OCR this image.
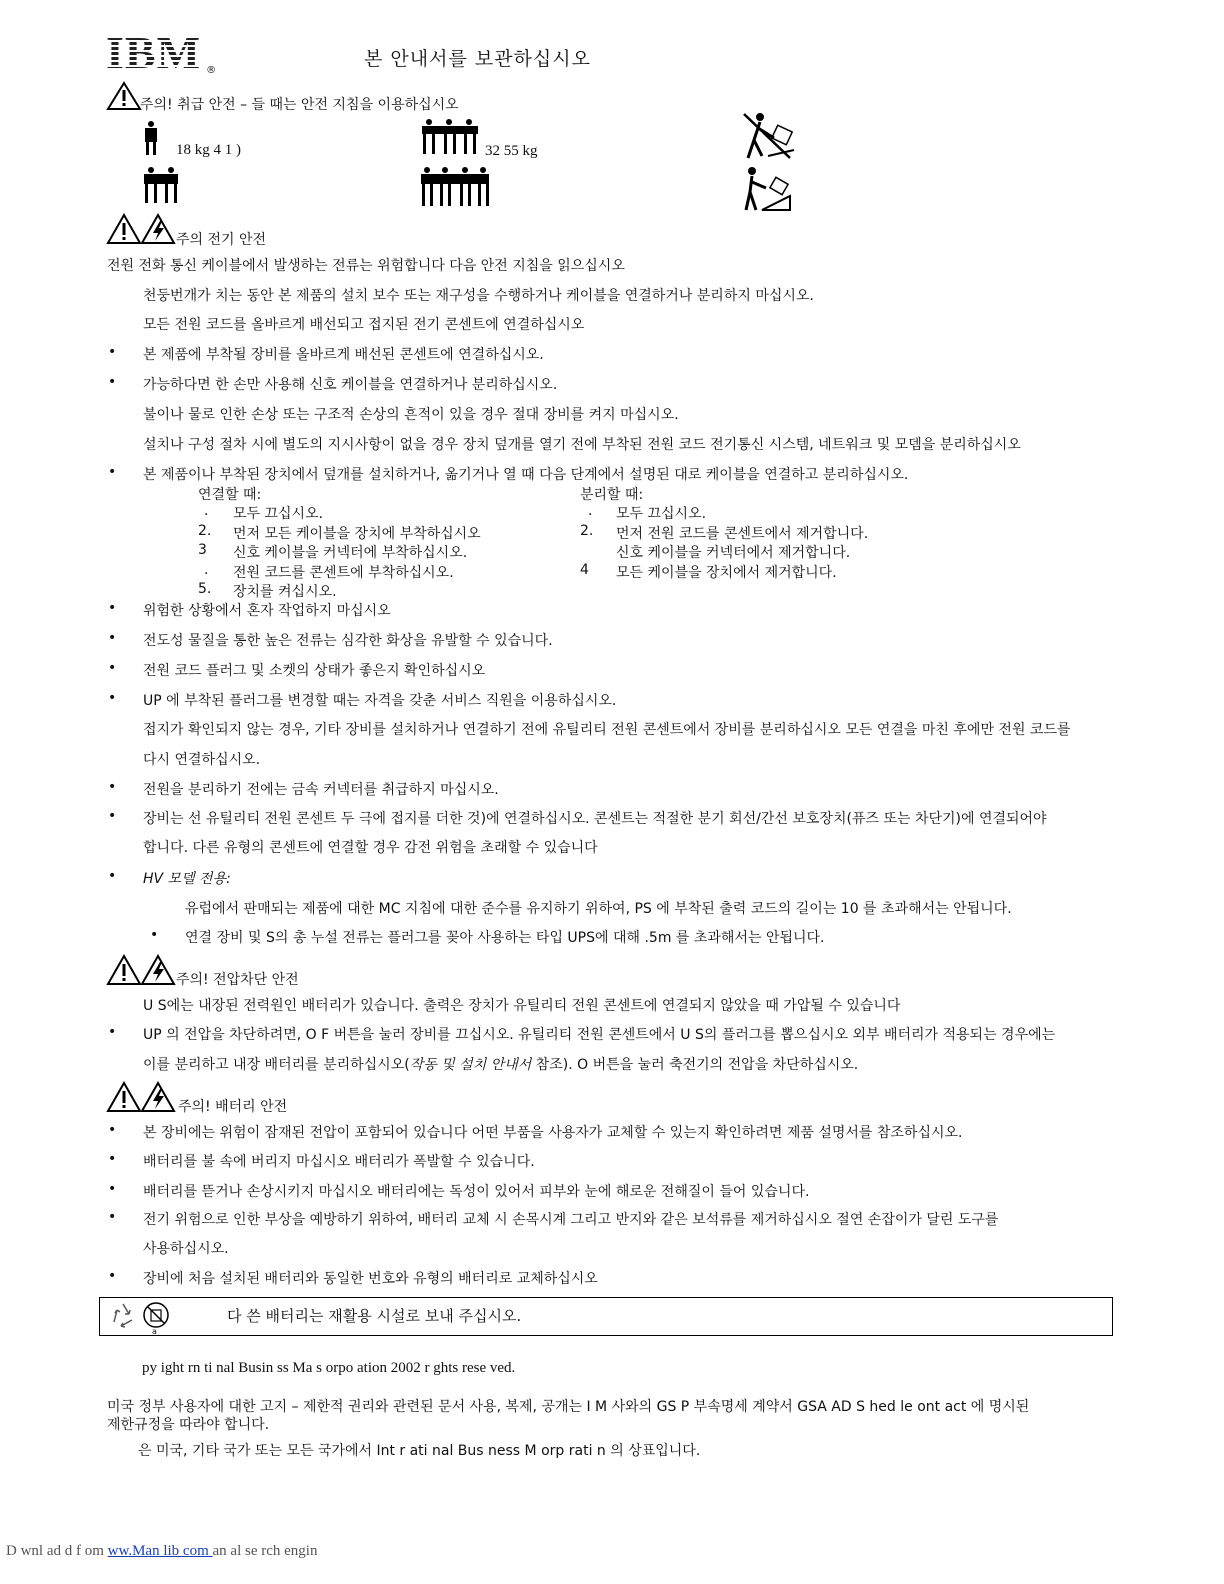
IBM ®
본 안내서를 보관하십시오
주의! 취급 안전 – 들 때는 안전 지침을 이용하십시오
18 kg 4 1 )	32 55 kg
주의 전기 안전
전원 전화 통신 케이블에서 발생하는 전류는 위험합니다 다음 안전 지침을 읽으십시오
천둥번개가 치는 동안 본 제품의 설치 보수 또는 재구성을 수행하거나 케이블을 연결하거나 분리하지 마십시오.
모든 전원 코드를 올바르게 배선되고 접지된 전기 콘센트에 연결하십시오
• 본 제품에 부착될 장비를 올바르게 배선된 콘센트에 연결하십시오.
• 가능하다면 한 손만 사용해 신호 케이블을 연결하거나 분리하십시오.
불이나 물로 인한 손상 또는 구조적 손상의 흔적이 있을 경우 절대 장비를 켜지 마십시오.
설치나 구성 절차 시에 별도의 지시사항이 없을 경우 장치 덮개를 열기 전에 부착된 전원 코드 전기통신 시스템, 네트워크 및 모뎀을 분리하십시오
• 본 제품이나 부착된 장치에서 덮개를 설치하거나, 옮기거나 열 때 다음 단계에서 설명된 대로 케이블을 연결하고 분리하십시오.
연결할 때:
. 모두 끄십시오.
2. 먼저 모든 케이블을 장치에 부착하십시오
3 신호 케이블을 커넥터에 부착하십시오.
. 전원 코드를 콘센트에 부착하십시오.
5. 장치를 켜십시오.
분리할 때:
. 모두 끄십시오.
2. 먼저 전원 코드를 콘센트에서 제거합니다.
신호 케이블을 커넥터에서 제거합니다.
4 모든 케이블을 장치에서 제거합니다.
• 위험한 상황에서 혼자 작업하지 마십시오
• 전도성 물질을 통한 높은 전류는 심각한 화상을 유발할 수 있습니다.
• 전원 코드 플러그 및 소켓의 상태가 좋은지 확인하십시오
• UP 에 부착된 플러그를 변경할 때는 자격을 갖춘 서비스 직원을 이용하십시오.
접지가 확인되지 않는 경우, 기타 장비를 설치하거나 연결하기 전에 유틸리티 전원 콘센트에서 장비를 분리하십시오 모든 연결을 마친 후에만 전원 코드를
다시 연결하십시오.
• 전원을 분리하기 전에는 금속 커넥터를 취급하지 마십시오.
• 장비는 선 유틸리티 전원 콘센트 두 극에 접지를 더한 것)에 연결하십시오. 콘센트는 적절한 분기 회선/간선 보호장치(퓨즈 또는 차단기)에 연결되어야
합니다. 다른 유형의 콘센트에 연결할 경우 감전 위험을 초래할 수 있습니다
• HV 모델 전용:
유럽에서 판매되는 제품에 대한 MC 지침에 대한 준수를 유지하기 위하여, PS 에 부착된 출력 코드의 길이는 10 를 초과해서는 안됩니다.
• 연결 장비 및 S의 총 누설 전류는 플러그를 꽂아 사용하는 타입 UPS에 대해 .5m 를 초과해서는 안됩니다.
주의! 전압차단 안전
U S에는 내장된 전력원인 배터리가 있습니다. 출력은 장치가 유틸리티 전원 콘센트에 연결되지 않았을 때 가압될 수 있습니다
• UP 의 전압을 차단하려면, O F 버튼을 눌러 장비를 끄십시오. 유틸리티 전원 콘센트에서 U S의 플러그를 뽑으십시오 외부 배터리가 적용되는 경우에는
이를 분리하고 내장 배터리를 분리하십시오(작동 및 설치 안내서 참조). O 버튼을 눌러 축전기의 전압을 차단하십시오.
주의! 배터리 안전
• 본 장비에는 위험이 잠재된 전압이 포함되어 있습니다 어떤 부품을 사용자가 교체할 수 있는지 확인하려면 제품 설명서를 참조하십시오.
• 배터리를 불 속에 버리지 마십시오 배터리가 폭발할 수 있습니다.
• 배터리를 뜯거나 손상시키지 마십시오 배터리에는 독성이 있어서 피부와 눈에 해로운 전해질이 들어 있습니다.
• 전기 위험으로 인한 부상을 예방하기 위하여, 배터리 교체 시 손목시계 그리고 반지와 같은 보석류를 제거하십시오 절연 손잡이가 달린 도구를
사용하십시오.
• 장비에 처음 설치된 배터리와 동일한 번호와 유형의 배터리로 교체하십시오
a
다 쓴 배터리는 재활용 시설로 보내 주십시오.
py ight rn ti nal Busin ss Ma s orpo ation 2002 r ghts rese ved.
미국 정부 사용자에 대한 고지 – 제한적 권리와 관련된 문서 사용, 복제, 공개는 I M 사와의 GS P 부속명세 계약서 GSA AD S hed le ont act 에 명시된
제한규정을 따라야 합니다.
은 미국, 기타 국가 또는 모든 국가에서 Int r ati nal Bus ness M orp rati n 의 상표입니다.
D wnl ad d f om ww.Man lib com an al se rch engin
